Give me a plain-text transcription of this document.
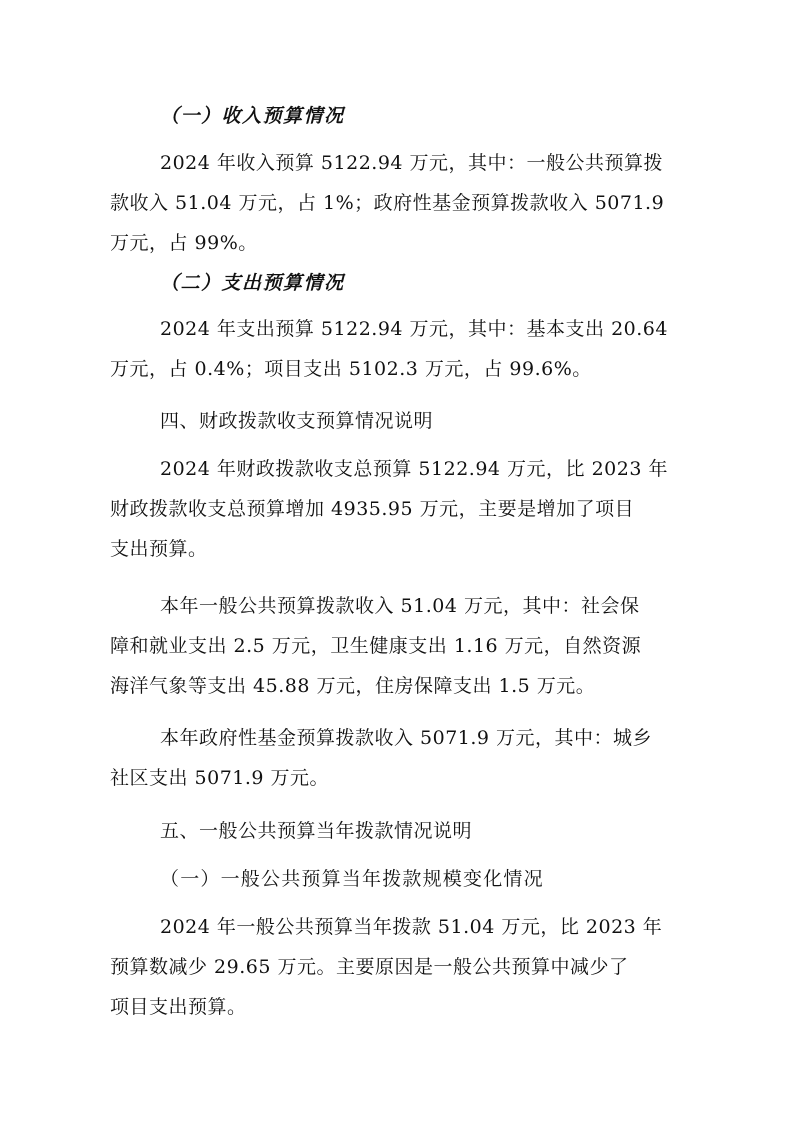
（一）收入预算情况
2024 年收入预算 5122.94 万元，其中：一般公共预算拨
款收入 51.04 万元，占 1%；政府性基金预算拨款收入 5071.9
万元，占 99%。
（二）支出预算情况
2024 年支出预算 5122.94 万元，其中：基本支出 20.64
万元，占 0.4%；项目支出 5102.3 万元，占 99.6%。
四、财政拨款收支预算情况说明
2024 年财政拨款收支总预算 5122.94 万元，比 2023 年
财政拨款收支总预算增加 4935.95 万元，主要是增加了项目
支出预算。
本年一般公共预算拨款收入 51.04 万元，其中：社会保
障和就业支出 2.5 万元，卫生健康支出 1.16 万元，自然资源
海洋气象等支出 45.88 万元，住房保障支出 1.5 万元。
本年政府性基金预算拨款收入 5071.9 万元，其中：城乡
社区支出 5071.9 万元。
五、一般公共预算当年拨款情况说明
（一）一般公共预算当年拨款规模变化情况
2024 年一般公共预算当年拨款 51.04 万元，比 2023 年
预算数减少 29.65 万元。主要原因是一般公共预算中减少了
项目支出预算。
